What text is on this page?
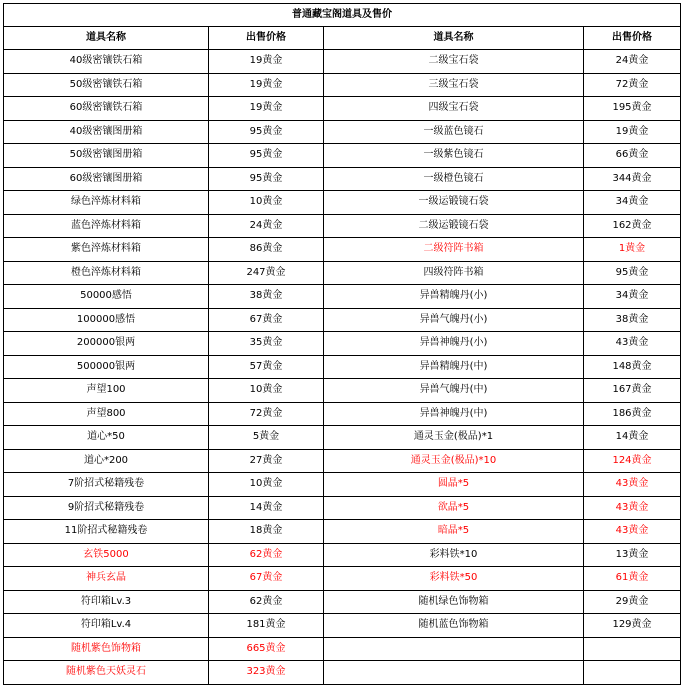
普通藏宝阁道具及售价
道具名称	出售价格	道具名称	出售价格
40级密镶铁石箱	19黄金	二级宝石袋	24黄金
50级密镶铁石箱	19黄金	三级宝石袋	72黄金
60级密镶铁石箱	19黄金	四级宝石袋	195黄金
40级密镶图册箱	95黄金	一级蓝色镜石	19黄金
50级密镶图册箱	95黄金	一级紫色镜石	66黄金
60级密镶图册箱	95黄金	一级橙色镜石	344黄金
绿色淬炼材料箱	10黄金	一级运锻镜石袋	34黄金
蓝色淬炼材料箱	24黄金	二级运锻镜石袋	162黄金
紫色淬炼材料箱	86黄金	二级符阵书箱	1黄金
橙色淬炼材料箱	247黄金	四级符阵书箱	95黄金
50000感悟	38黄金	异兽精魄丹(小)	34黄金
100000感悟	67黄金	异兽气魄丹(小)	38黄金
200000银两	35黄金	异兽神魄丹(小)	43黄金
500000银两	57黄金	异兽精魄丹(中)	148黄金
声望100	10黄金	异兽气魄丹(中)	167黄金
声望800	72黄金	异兽神魄丹(中)	186黄金
道心*50	5黄金	通灵玉金(极品)*1	14黄金
道心*200	27黄金	通灵玉金(极品)*10	124黄金
7阶招式秘籍残卷	10黄金	圆晶*5	43黄金
9阶招式秘籍残卷	14黄金	欲晶*5	43黄金
11阶招式秘籍残卷	18黄金	暗晶*5	43黄金
玄铁5000	62黄金	彩料铁*10	13黄金
神兵玄晶	67黄金	彩料铁*50	61黄金
符印箱Lv.3	62黄金	随机绿色饰物箱	29黄金
符印箱Lv.4	181黄金	随机蓝色饰物箱	129黄金
随机紫色饰物箱	665黄金		
随机紫色天妖灵石	323黄金		
